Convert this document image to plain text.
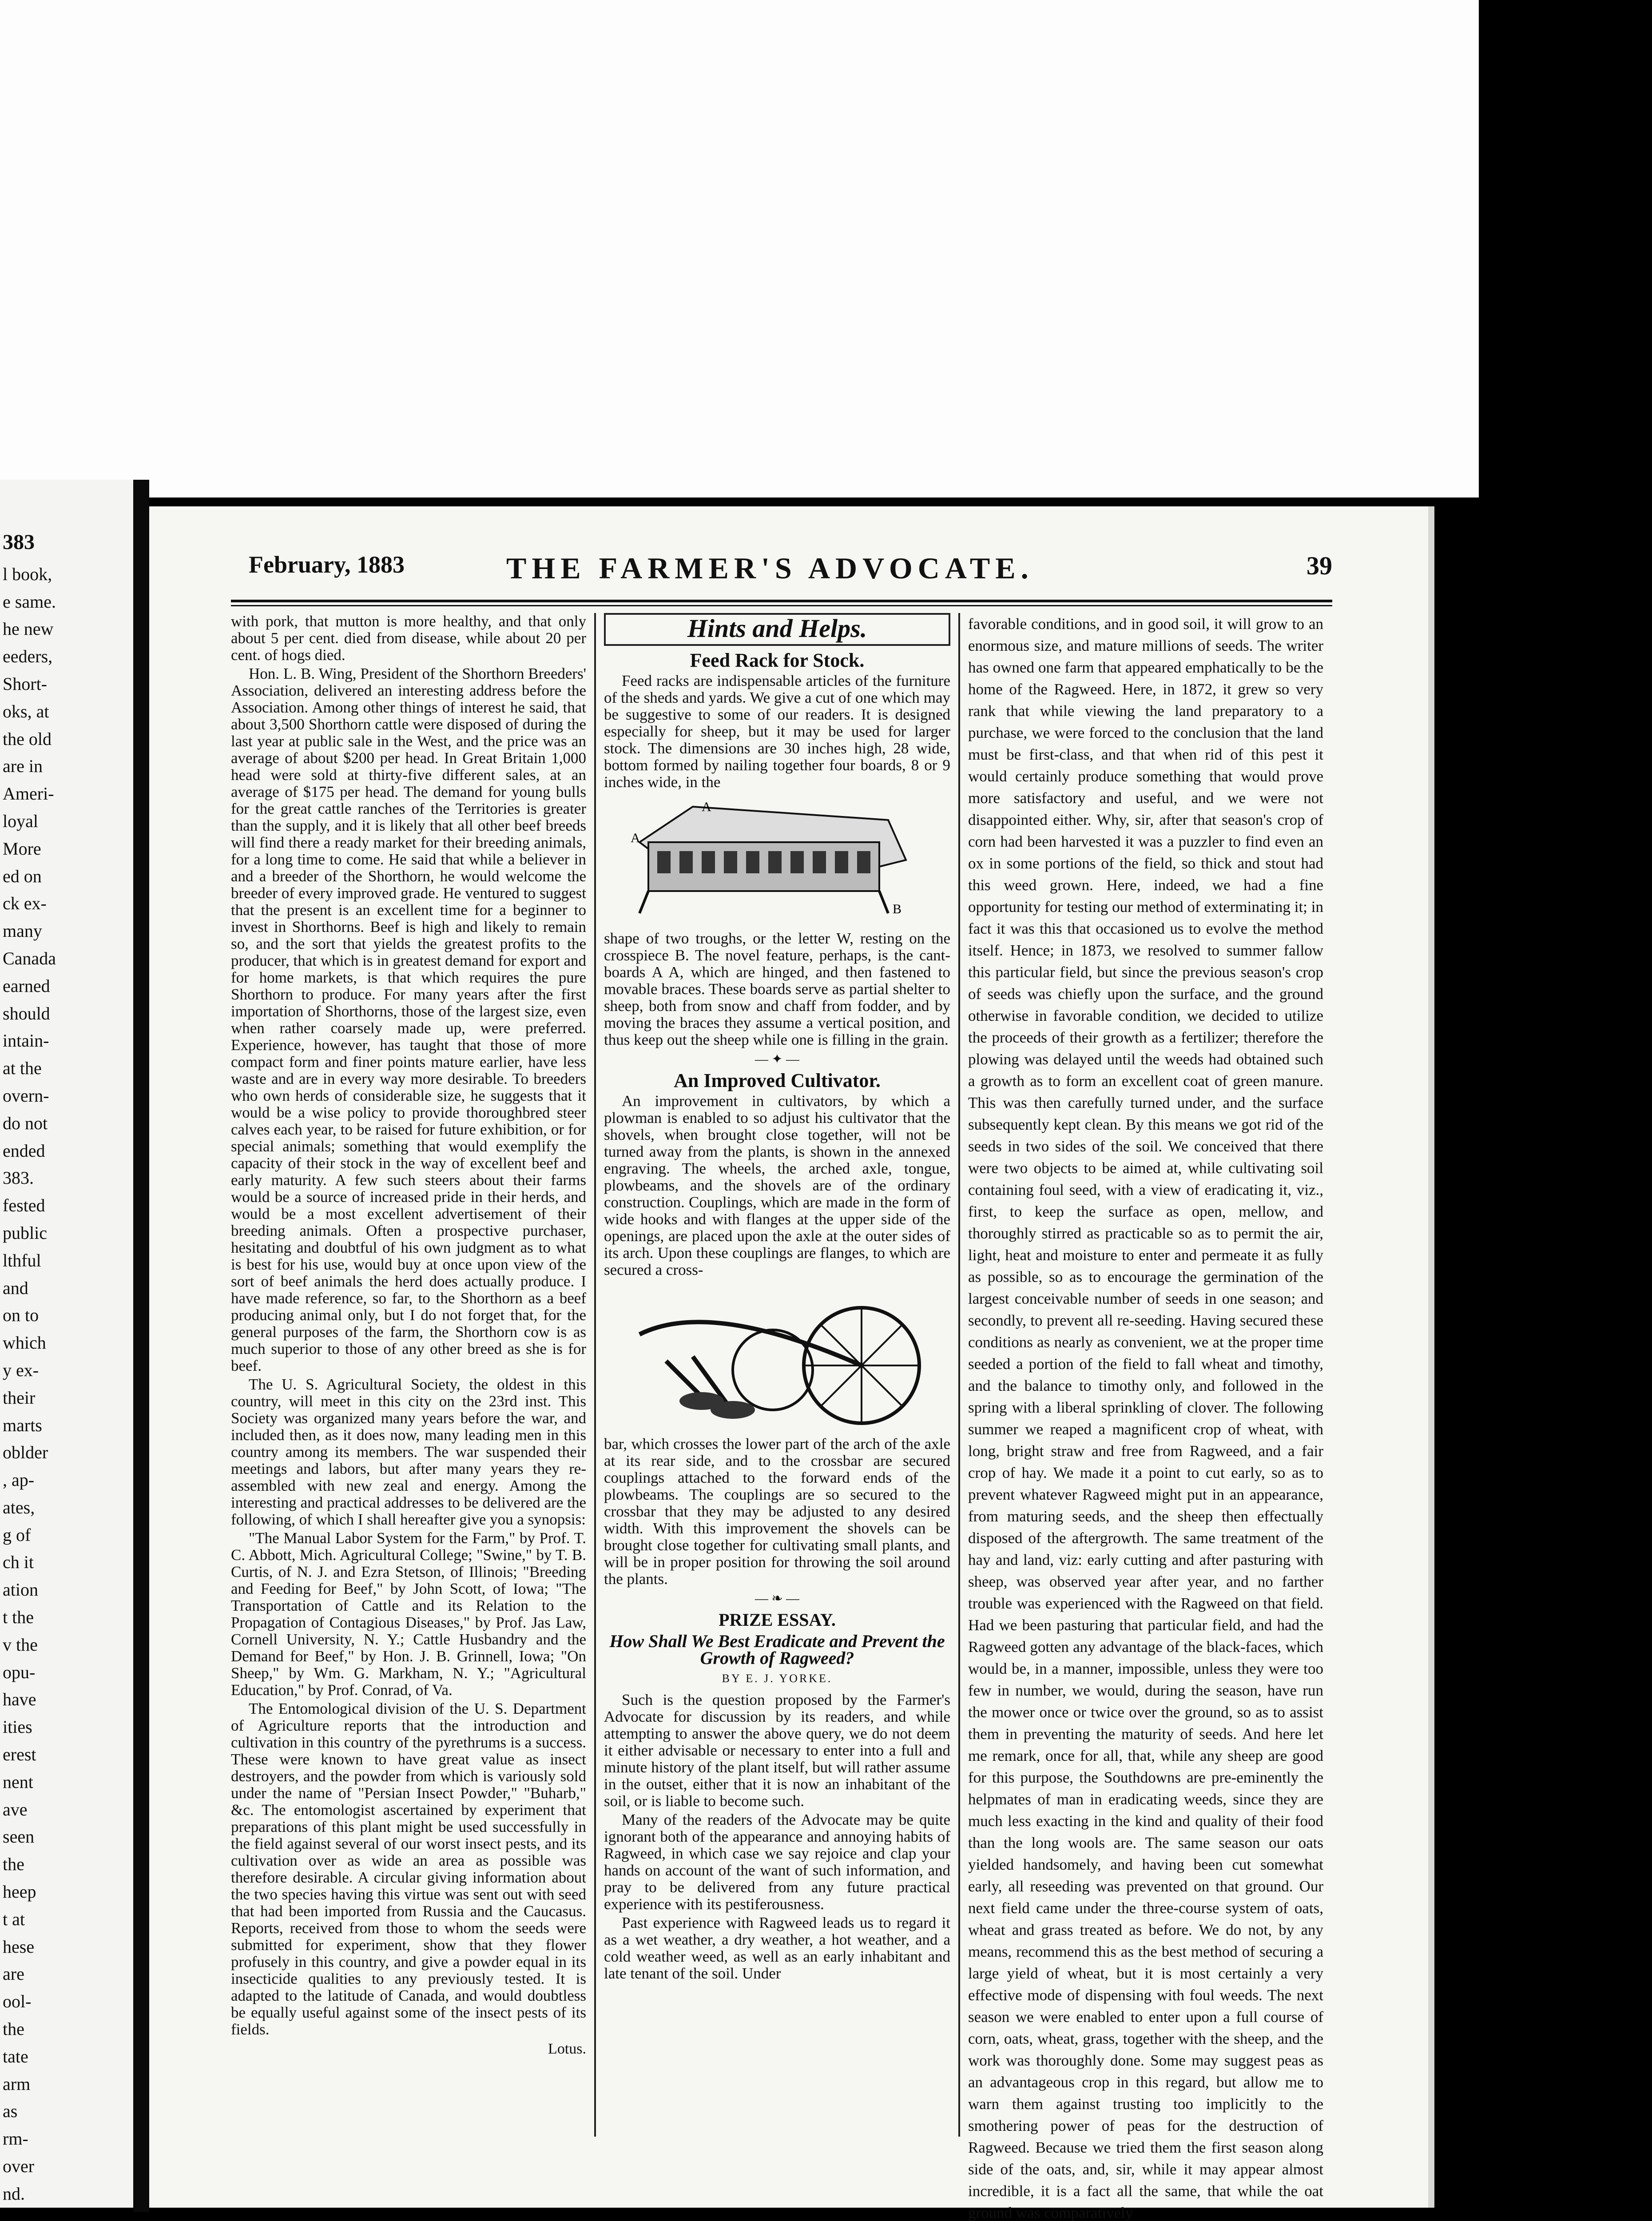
383
l book,
e same.
he new
eeders,
Short-
oks, at
the old
are in
Ameri-
loyal
More
ed on
ck ex-
many
Canada
earned
should
intain-
at the
overn-
do not
ended
383.
fested
public
lthful
and
on to
which
y ex-
their
marts
oblder
, ap-
ates,
g of
ch it
ation
t the
v the
opu-
have
ities
erest
nent
ave
seen
the
heep
t at
hese
are
ool-
the
tate
arm
as
rm-
over
nd.
February, 1883	THE FARMER'S ADVOCATE.	39

with pork, that mutton is more healthy, and that only about 5 per cent. died from disease, while about 20 per cent. of hogs died.

Hon. L. B. Wing, President of the Shorthorn Breeders' Association, delivered an interesting address before the Association. Among other things of interest he said, that about 3,500 Shorthorn cattle were disposed of during the last year at public sale in the West, and the price was an average of about $200 per head. In Great Britain 1,000 head were sold at thirty-five different sales, at an average of $175 per head. The demand for young bulls for the great cattle ranches of the Territories is greater than the supply, and it is likely that all other beef breeds will find there a ready market for their breeding animals, for a long time to come. He said that while a believer in and a breeder of the Shorthorn, he would welcome the breeder of every improved grade. He ventured to suggest that the present is an excellent time for a beginner to invest in Shorthorns. Beef is high and likely to remain so, and the sort that yields the greatest profits to the producer, that which is in greatest demand for export and for home markets, is that which requires the pure Shorthorn to produce. For many years after the first importation of Shorthorns, those of the largest size, even when rather coarsely made up, were preferred. Experience, however, has taught that those of more compact form and finer points mature earlier, have less waste and are in every way more desirable. To breeders who own herds of considerable size, he suggests that it would be a wise policy to provide thoroughbred steer calves each year, to be raised for future exhibition, or for special animals; something that would exemplify the capacity of their stock in the way of excellent beef and early maturity. A few such steers about their farms would be a source of increased pride in their herds, and would be a most excellent advertisement of their breeding animals. Often a prospective purchaser, hesitating and doubtful of his own judgment as to what is best for his use, would buy at once upon view of the sort of beef animals the herd does actually produce. I have made reference, so far, to the Shorthorn as a beef producing animal only, but I do not forget that, for the general purposes of the farm, the Shorthorn cow is as much superior to those of any other breed as she is for beef.

The U. S. Agricultural Society, the oldest in this country, will meet in this city on the 23rd inst. This Society was organized many years before the war, and included then, as it does now, many leading men in this country among its members. The war suspended their meetings and labors, but after many years they re-assembled with new zeal and energy. Among the interesting and practical addresses to be delivered are the following, of which I shall hereafter give you a synopsis:

"The Manual Labor System for the Farm," by Prof. T. C. Abbott, Mich. Agricultural College; "Swine," by T. B. Curtis, of N. J. and Ezra Stetson, of Illinois; "Breeding and Feeding for Beef," by John Scott, of Iowa; "The Transportation of Cattle and its Relation to the Propagation of Contagious Diseases," by Prof. Jas Law, Cornell University, N. Y.; Cattle Husbandry and the Demand for Beef," by Hon. J. B. Grinnell, Iowa; "On Sheep," by Wm. G. Markham, N. Y.; "Agricultural Education," by Prof. Conrad, of Va.

The Entomological division of the U. S. Department of Agriculture reports that the introduction and cultivation in this country of the pyrethrums is a success. These were known to have great value as insect destroyers, and the powder from which is variously sold under the name of "Persian Insect Powder," "Buharb," &c. The entomologist ascertained by experiment that preparations of this plant might be used successfully in the field against several of our worst insect pests, and its cultivation over as wide an area as possible was therefore desirable. A circular giving information about the two species having this virtue was sent out with seed that had been imported from Russia and the Caucasus. Reports, received from those to whom the seeds were submitted for experiment, show that they flower profusely in this country, and give a powder equal in its insecticide qualities to any previously tested. It is adapted to the latitude of Canada, and would doubtless be equally useful against some of the insect pests of its fields.

Lotus.
Hints and Helps.
Feed Rack for Stock.

Feed racks are indispensable articles of the furniture of the sheds and yards. We give a cut of one which may be suggestive to some of our readers. It is designed especially for sheep, but it may be used for larger stock. The dimensions are 30 inches high, 28 wide, bottom formed by nailing together four boards, 8 or 9 inches wide, in the

A
A
B

shape of two troughs, or the letter W, resting on the crosspiece B. The novel feature, perhaps, is the cant-boards A A, which are hinged, and then fastened to movable braces. These boards serve as partial shelter to sheep, both from snow and chaff from fodder, and by moving the braces they assume a vertical position, and thus keep out the sheep while one is filling in the grain.

— ✦ —
An Improved Cultivator.

An improvement in cultivators, by which a plowman is enabled to so adjust his cultivator that the shovels, when brought close together, will not be turned away from the plants, is shown in the annexed engraving. The wheels, the arched axle, tongue, plowbeams, and the shovels are of the ordinary construction. Couplings, which are made in the form of wide hooks and with flanges at the upper side of the openings, are placed upon the axle at the outer sides of its arch. Upon these couplings are flanges, to which are secured a cross-

bar, which crosses the lower part of the arch of the axle at its rear side, and to the crossbar are secured couplings attached to the forward ends of the plowbeams. The couplings are so secured to the crossbar that they may be adjusted to any desired width. With this improvement the shovels can be brought close together for cultivating small plants, and will be in proper position for throwing the soil around the plants.

— ❧ —
PRIZE ESSAY.
How Shall We Best Eradicate and Prevent the Growth of Ragweed?
BY E. J. YORKE.

Such is the question proposed by the Farmer's Advocate for discussion by its readers, and while attempting to answer the above query, we do not deem it either advisable or necessary to enter into a full and minute history of the plant itself, but will rather assume in the outset, either that it is now an inhabitant of the soil, or is liable to become such.

Many of the readers of the Advocate may be quite ignorant both of the appearance and annoying habits of Ragweed, in which case we say rejoice and clap your hands on account of the want of such information, and pray to be delivered from any future practical experience with its pestiferousness.

Past experience with Ragweed leads us to regard it as a wet weather, a dry weather, a hot weather, and a cold weather weed, as well as an early inhabitant and late tenant of the soil. Under

favorable conditions, and in good soil, it will grow to an enormous size, and mature millions of seeds. The writer has owned one farm that appeared emphatically to be the home of the Ragweed. Here, in 1872, it grew so very rank that while viewing the land preparatory to a purchase, we were forced to the conclusion that the land must be first-class, and that when rid of this pest it would certainly produce something that would prove more satisfactory and useful, and we were not disappointed either. Why, sir, after that season's crop of corn had been harvested it was a puzzler to find even an ox in some portions of the field, so thick and stout had this weed grown. Here, indeed, we had a fine opportunity for testing our method of exterminating it; in fact it was this that occasioned us to evolve the method itself. Hence; in 1873, we resolved to summer fallow this particular field, but since the previous season's crop of seeds was chiefly upon the surface, and the ground otherwise in favorable condition, we decided to utilize the proceeds of their growth as a fertilizer; therefore the plowing was delayed until the weeds had obtained such a growth as to form an excellent coat of green manure. This was then carefully turned under, and the surface subsequently kept clean. By this means we got rid of the seeds in two sides of the soil. We conceived that there were two objects to be aimed at, while cultivating soil containing foul seed, with a view of eradicating it, viz., first, to keep the surface as open, mellow, and thoroughly stirred as practicable so as to permit the air, light, heat and moisture to enter and permeate it as fully as possible, so as to encourage the germination of the largest conceivable number of seeds in one season; and secondly, to prevent all re-seeding. Having secured these conditions as nearly as convenient, we at the proper time seeded a portion of the field to fall wheat and timothy, and the balance to timothy only, and followed in the spring with a liberal sprinkling of clover. The following summer we reaped a magnificent crop of wheat, with long, bright straw and free from Ragweed, and a fair crop of hay. We made it a point to cut early, so as to prevent whatever Ragweed might put in an appearance, from maturing seeds, and the sheep then effectually disposed of the aftergrowth. The same treatment of the hay and land, viz: early cutting and after pasturing with sheep, was observed year after year, and no farther trouble was experienced with the Ragweed on that field. Had we been pasturing that particular field, and had the Ragweed gotten any advantage of the black-faces, which would be, in a manner, impossible, unless they were too few in number, we would, during the season, have run the mower once or twice over the ground, so as to assist them in preventing the maturity of seeds. And here let me remark, once for all, that, while any sheep are good for this purpose, the Southdowns are pre-eminently the helpmates of man in eradicating weeds, since they are much less exacting in the kind and quality of their food than the long wools are. The same season our oats yielded handsomely, and having been cut somewhat early, all reseeding was prevented on that ground. Our next field came under the three-course system of oats, wheat and grass treated as before. We do not, by any means, recommend this as the best method of securing a large yield of wheat, but it is most certainly a very effective mode of dispensing with foul weeds. The next season we were enabled to enter upon a full course of corn, oats, wheat, grass, together with the sheep, and the work was thoroughly done. Some may suggest peas as an advantageous crop in this regard, but allow me to warn them against trusting too implicitly to the smothering power of peas for the destruction of Ragweed. Because we tried them the first season along side of the oats, and, sir, while it may appear almost incredible, it is a fact all the same, that while the oat ground was comparatively
